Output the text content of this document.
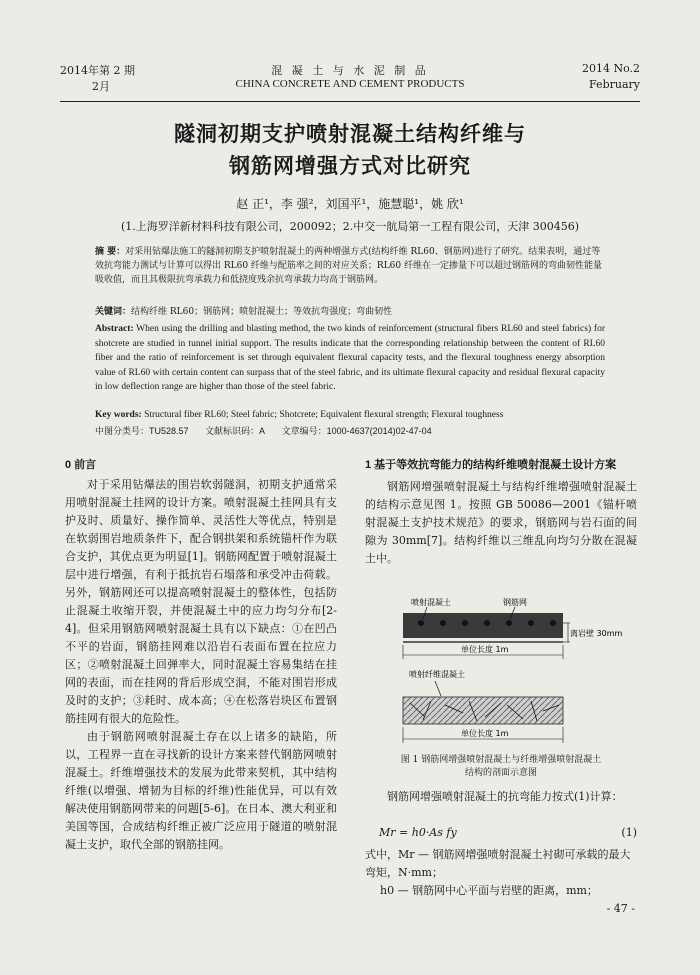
2014年第 2 期
2月
混 凝 土 与 水 泥 制 品
CHINA CONCRETE AND CEMENT PRODUCTS
2014 No.2
February
隧洞初期支护喷射混凝土结构纤维与
钢筋网增强方式对比研究
赵 正¹，李 强²，刘国平¹，施慧聪¹，姚 欣¹
(1.上海罗洋新材料科技有限公司，200092；2.中交一航局第一工程有限公司，天津 300456)
摘 要：对采用钻爆法施工的隧洞初期支护喷射混凝土的两种增强方式(结构纤维 RL60、钢筋网)进行了研究。结果表明，通过等效抗弯能力测试与计算可以得出 RL60 纤维与配筋率之间的对应关系；RL60 纤维在一定掺量下可以超过钢筋网的弯曲韧性能量吸收值，而且其极限抗弯承载力和低挠度残余抗弯承载力均高于钢筋网。
关键词：结构纤维 RL60；钢筋网；喷射混凝土；等效抗弯强度；弯曲韧性
Abstract: When using the drilling and blasting method, the two kinds of reinforcement (structural fibers RL60 and steel fabrics) for shotcrete are studied in tunnel initial support. The results indicate that the corresponding relationship between the content of RL60 fiber and the ratio of reinforcement is set through equivalent flexural capacity tests, and the flexural toughness energy absorption value of RL60 with certain content can surpass that of the steel fabric, and its ultimate flexural capacity and residual flexural capacity in low deflection range are higher than those of the steel fabric.
Key words: Structural fiber RL60; Steel fabric; Shotcrete; Equivalent flexural strength; Flexural toughness
中图分类号：TU528.57 文献标识码：A 文章编号：1000-4637(2014)02-47-04
0 前言

对于采用钻爆法的围岩软弱隧洞，初期支护通常采用喷射混凝土挂网的设计方案。喷射混凝土挂网具有支护及时、质量好、操作简单、灵活性大等优点，特别是在软弱围岩地质条件下，配合钢拱架和系统锚杆作为联合支护，其优点更为明显[1]。钢筋网配置于喷射混凝土层中进行增强，有利于抵抗岩石塌落和承受冲击荷载。另外，钢筋网还可以提高喷射混凝土的整体性，包括防止混凝土收缩开裂，并使混凝土中的应力均匀分布[2-4]。但采用钢筋网喷射混凝土具有以下缺点：①在凹凸不平的岩面，钢筋挂网难以沿岩石表面布置在拉应力区；②喷射混凝土回弹率大，同时混凝土容易集结在挂网的表面，而在挂网的背后形成空洞，不能对围岩形成及时的支护；③耗时、成本高；④在松落岩块区布置钢筋挂网有很大的危险性。

由于钢筋网喷射混凝土存在以上诸多的缺陷，所以，工程界一直在寻找新的设计方案来替代钢筋网喷射混凝土。纤维增强技术的发展为此带来契机，其中结构纤维(以增强、增韧为目标的纤维)性能优异，可以有效解决使用钢筋网带来的问题[5-6]。在日本、澳大利亚和美国等国，合成结构纤维正被广泛应用于隧道的喷射混凝土支护，取代全部的钢筋挂网。

1 基于等效抗弯能力的结构纤维喷射混凝土设计方案

钢筋网增强喷射混凝土与结构纤维增强喷射混凝土的结构示意见图 1。按照 GB 50086—2001《锚杆喷射混凝土支护技术规范》的要求，钢筋网与岩石面的间隙为 30mm[7]。结构纤维以三维乱向均匀分散在混凝土中。

喷射混凝土	钢筋网
离岩壁 30mm
单位长度 1m
喷射纤维混凝土
单位长度 1m
图 1 钢筋网增强喷射混凝土与纤维增强喷射混凝土
结构的剖面示意图

钢筋网增强喷射混凝土的抗弯能力按式(1)计算：

Mr = h0·As fy	(1)
式中，Mr — 钢筋网增强喷射混凝土衬砌可承载的最大弯矩，N·mm；
h0 — 钢筋网中心平面与岩壁的距离，mm；
- 47 -
